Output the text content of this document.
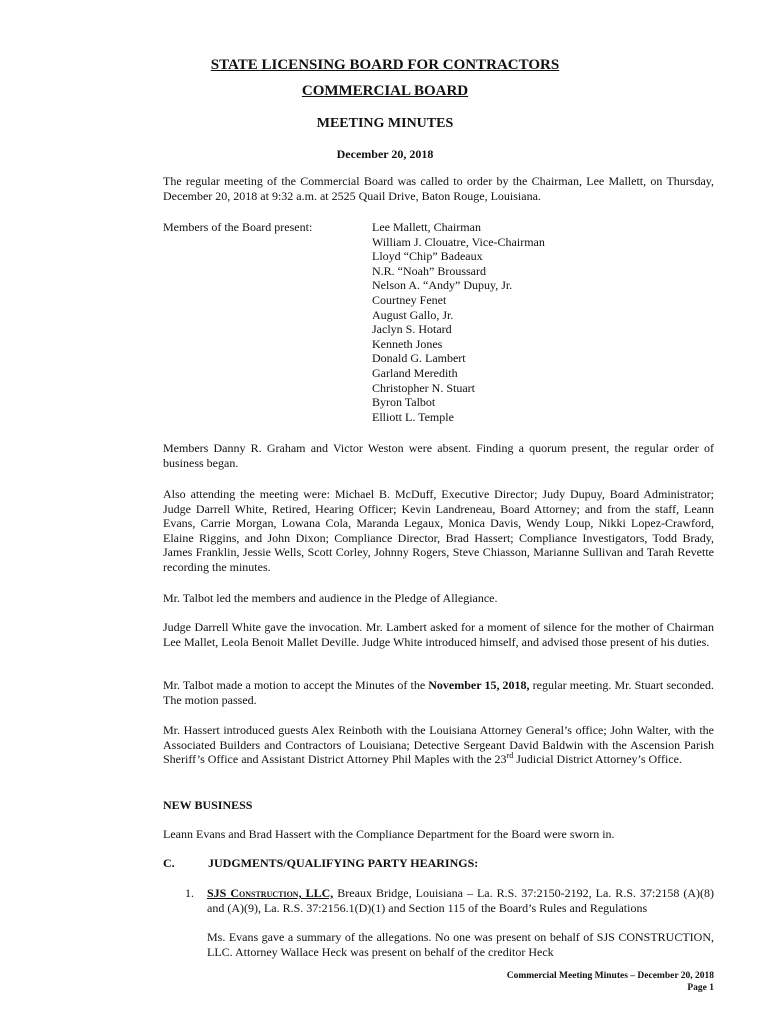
STATE LICENSING BOARD FOR CONTRACTORS
COMMERCIAL BOARD
MEETING MINUTES
December 20, 2018

The regular meeting of the Commercial Board was called to order by the Chairman, Lee Mallett, on Thursday, December 20, 2018 at 9:32 a.m. at 2525 Quail Drive, Baton Rouge, Louisiana.

Members of the Board present:	Lee Mallett, Chairman
William J. Clouatre, Vice-Chairman
Lloyd “Chip” Badeaux
N.R. “Noah” Broussard
Nelson A. “Andy” Dupuy, Jr.
Courtney Fenet
August Gallo, Jr.
Jaclyn S. Hotard
Kenneth Jones
Donald G. Lambert
Garland Meredith
Christopher N. Stuart
Byron Talbot
Elliott L. Temple

Members Danny R. Graham and Victor Weston were absent. Finding a quorum present, the regular order of business began.

Also attending the meeting were: Michael B. McDuff, Executive Director; Judy Dupuy, Board Administrator; Judge Darrell White, Retired, Hearing Officer; Kevin Landreneau, Board Attorney; and from the staff, Leann Evans, Carrie Morgan, Lowana Cola, Maranda Legaux, Monica Davis, Wendy Loup, Nikki Lopez-Crawford, Elaine Riggins, and John Dixon; Compliance Director, Brad Hassert; Compliance Investigators, Todd Brady, James Franklin, Jessie Wells, Scott Corley, Johnny Rogers, Steve Chiasson, Marianne Sullivan and Tarah Revette recording the minutes.

Mr. Talbot led the members and audience in the Pledge of Allegiance.

Judge Darrell White gave the invocation. Mr. Lambert asked for a moment of silence for the mother of Chairman Lee Mallet, Leola Benoit Mallet Deville. Judge White introduced himself, and advised those present of his duties.

Mr. Talbot made a motion to accept the Minutes of the November 15, 2018, regular meeting. Mr. Stuart seconded. The motion passed.

Mr. Hassert introduced guests Alex Reinboth with the Louisiana Attorney General’s office; John Walter, with the Associated Builders and Contractors of Louisiana; Detective Sergeant David Baldwin with the Ascension Parish Sheriff’s Office and Assistant District Attorney Phil Maples with the 23rd Judicial District Attorney’s Office.

NEW BUSINESS

Leann Evans and Brad Hassert with the Compliance Department for the Board were sworn in.

C.	JUDGMENTS/QUALIFYING PARTY HEARINGS:
1. SJS Construction, LLC, Breaux Bridge, Louisiana – La. R.S. 37:2150-2192, La. R.S. 37:2158 (A)(8) and (A)(9), La. R.S. 37:2156.1(D)(1) and Section 115 of the Board’s Rules and Regulations

Ms. Evans gave a summary of the allegations. No one was present on behalf of SJS CONSTRUCTION, LLC. Attorney Wallace Heck was present on behalf of the creditor Heck

Commercial Meeting Minutes – December 20, 2018
Page 1
